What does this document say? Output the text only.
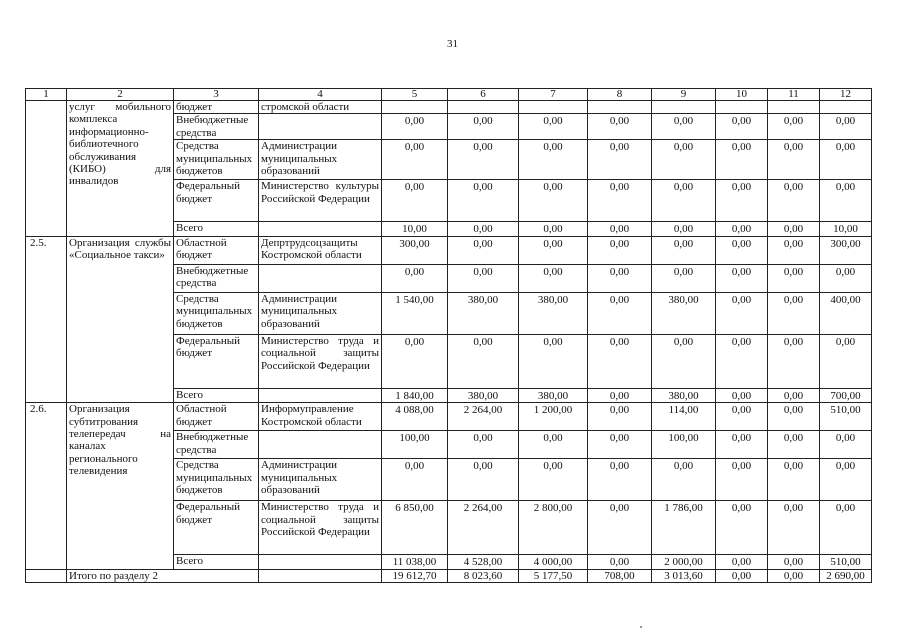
31
1	2	3	4	5	6	7	8	9	10	11	12
	услуг мобильного комплекса информационно-библиотечного обслуживания (КИБО) для инвалидов	бюджет	стромской области								
		Внебюджетные средства		0,00	0,00	0,00	0,00	0,00	0,00	0,00	0,00
		Средства муниципальных бюджетов	Администрации муниципальных образований	0,00	0,00	0,00	0,00	0,00	0,00	0,00	0,00
		Федеральный бюджет	Министерство культуры Российской Федерации	0,00	0,00	0,00	0,00	0,00	0,00	0,00	0,00
		Всего		10,00	0,00	0,00	0,00	0,00	0,00	0,00	10,00
2.5.	Организация службы «Социальное такси»	Областной бюджет	Депртрудсоцзащиты Костромской области	300,00	0,00	0,00	0,00	0,00	0,00	0,00	300,00
		Внебюджетные средства		0,00	0,00	0,00	0,00	0,00	0,00	0,00	0,00
		Средства муниципальных бюджетов	Администрации муниципальных образований	1 540,00	380,00	380,00	0,00	380,00	0,00	0,00	400,00
		Федеральный бюджет	Министерство труда и социальной защиты Российской Федерации	0,00	0,00	0,00	0,00	0,00	0,00	0,00	0,00
		Всего		1 840,00	380,00	380,00	0,00	380,00	0,00	0,00	700,00
2.6.	Организация субтитрования телепередач на каналах регионального телевидения	Областной бюджет	Информуправление Костромской области	4 088,00	2 264,00	1 200,00	0,00	114,00	0,00	0,00	510,00
		Внебюджетные средства		100,00	0,00	0,00	0,00	100,00	0,00	0,00	0,00
		Средства муниципальных бюджетов	Администрации муниципальных образований	0,00	0,00	0,00	0,00	0,00	0,00	0,00	0,00
		Федеральный бюджет	Министерство труда и социальной защиты Российской Федерации	6 850,00	2 264,00	2 800,00	0,00	1 786,00	0,00	0,00	0,00
		Всего		11 038,00	4 528,00	4 000,00	0,00	2 000,00	0,00	0,00	510,00
	Итого по разделу 2			19 612,70	8 023,60	5 177,50	708,00	3 013,60	0,00	0,00	2 690,00
